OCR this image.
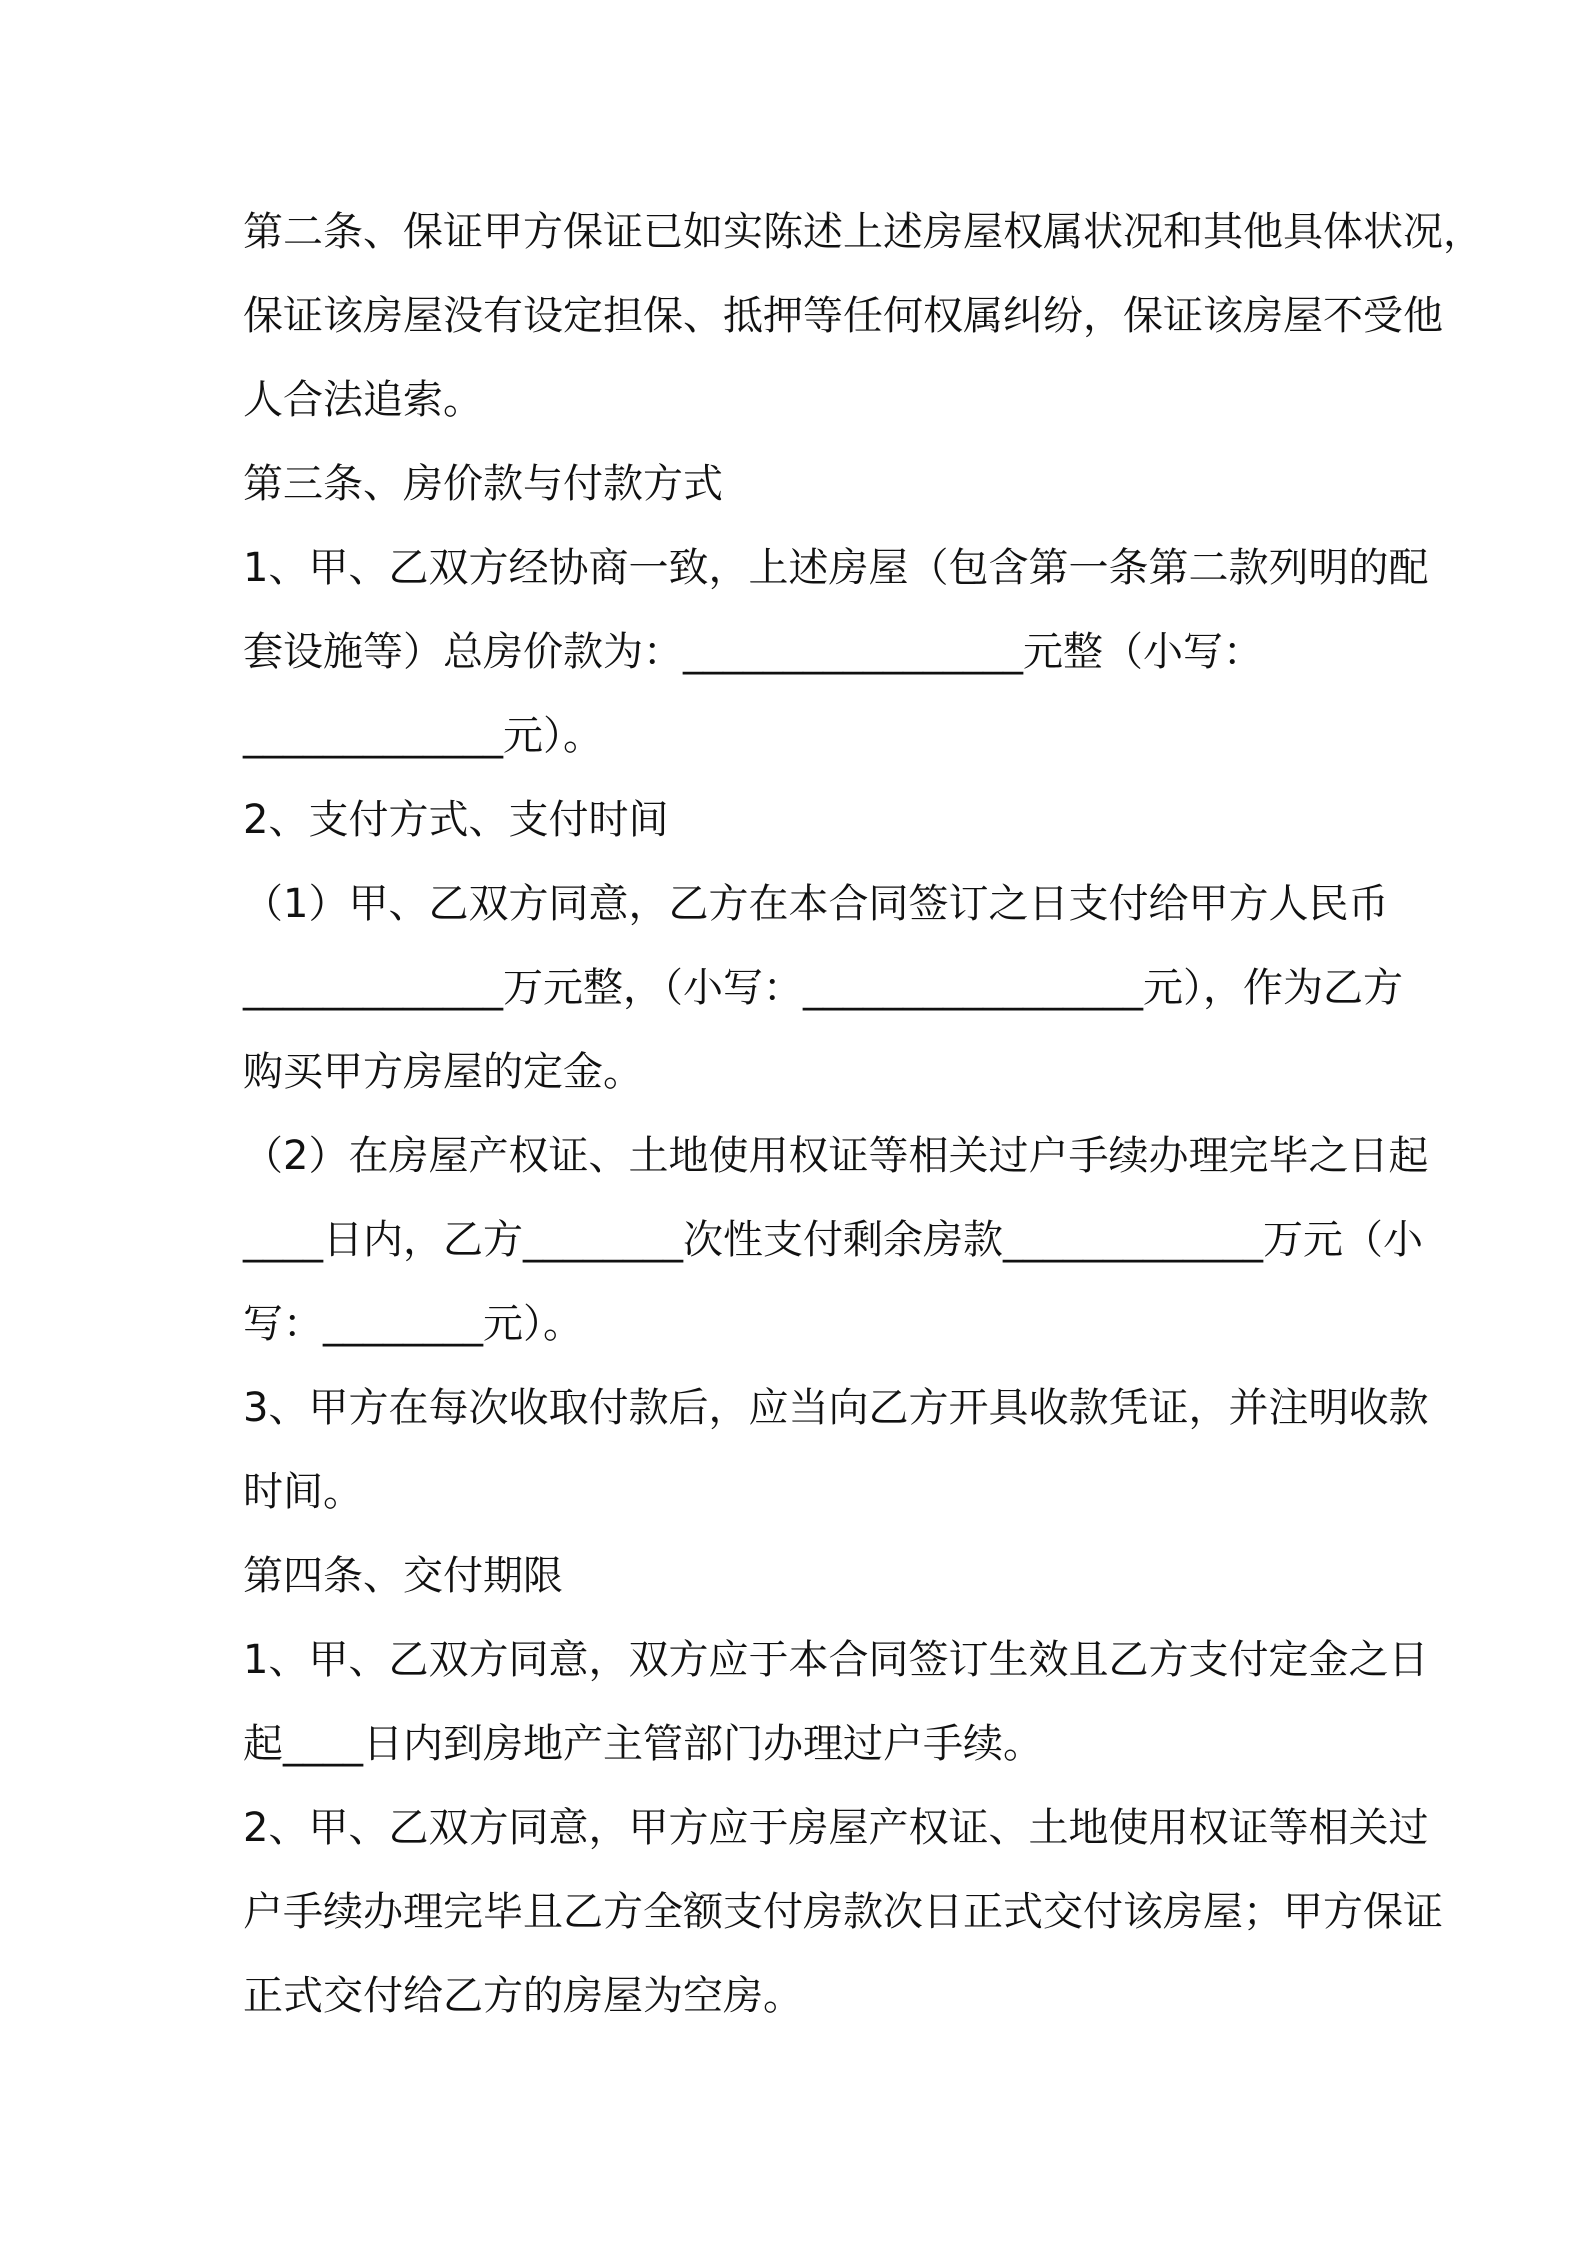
第二条、保证甲方保证已如实陈述上述房屋权属状况和其他具体状况，
保证该房屋没有设定担保、抵押等任何权属纠纷，保证该房屋不受他
人合法追索。
第三条、房价款与付款方式
1、甲、乙双方经协商一致，上述房屋（包含第一条第二款列明的配
套设施等）总房价款为：_________________元整（小写：
_____________元）。
2、支付方式、支付时间
（1）甲、乙双方同意，乙方在本合同签订之日支付给甲方人民币
_____________万元整，（小写：_________________元），作为乙方
购买甲方房屋的定金。
（2）在房屋产权证、土地使用权证等相关过户手续办理完毕之日起
____日内，乙方________次性支付剩余房款_____________万元（小
写：________元）。
3、甲方在每次收取付款后，应当向乙方开具收款凭证，并注明收款
时间。
第四条、交付期限
1、甲、乙双方同意，双方应于本合同签订生效且乙方支付定金之日
起____日内到房地产主管部门办理过户手续。
2、甲、乙双方同意，甲方应于房屋产权证、土地使用权证等相关过
户手续办理完毕且乙方全额支付房款次日正式交付该房屋；甲方保证
正式交付给乙方的房屋为空房。
